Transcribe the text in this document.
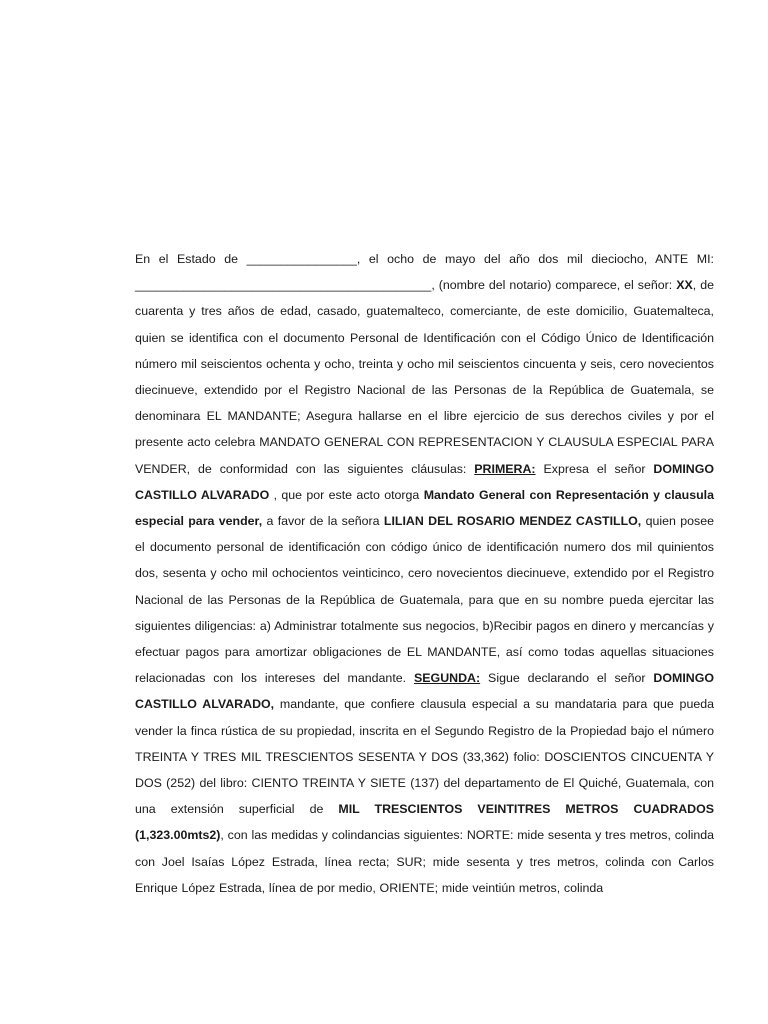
En el Estado de ________________, el ocho de mayo del año dos mil dieciocho, ANTE MI: ___________________________________________, (nombre del notario) comparece, el señor: XX, de cuarenta y tres años de edad, casado, guatemalteco, comerciante, de este domicilio, Guatemalteca, quien se identifica con el documento Personal de Identificación con el Código Único de Identificación número mil seiscientos ochenta y ocho, treinta y ocho mil seiscientos cincuenta y seis, cero novecientos diecinueve, extendido por el Registro Nacional de las Personas de la República de Guatemala, se denominara EL MANDANTE; Asegura hallarse en el libre ejercicio de sus derechos civiles y por el presente acto celebra MANDATO GENERAL CON REPRESENTACION Y CLAUSULA ESPECIAL PARA VENDER, de conformidad con las siguientes cláusulas: PRIMERA: Expresa el señor DOMINGO CASTILLO ALVARADO , que por este acto otorga Mandato General con Representación y clausula especial para vender, a favor de la señora LILIAN DEL ROSARIO MENDEZ CASTILLO, quien posee el documento personal de identificación con código único de identificación numero dos mil quinientos dos, sesenta y ocho mil ochocientos veinticinco, cero novecientos diecinueve, extendido por el Registro Nacional de las Personas de la República de Guatemala, para que en su nombre pueda ejercitar las siguientes diligencias: a) Administrar totalmente sus negocios, b)Recibir pagos en dinero y mercancías y efectuar pagos para amortizar obligaciones de EL MANDANTE, así como todas aquellas situaciones relacionadas con los intereses del mandante. SEGUNDA: Sigue declarando el señor DOMINGO CASTILLO ALVARADO, mandante, que confiere clausula especial a su mandataria para que pueda vender la finca rústica de su propiedad, inscrita en el Segundo Registro de la Propiedad bajo el número TREINTA Y TRES MIL TRESCIENTOS SESENTA Y DOS (33,362) folio: DOSCIENTOS CINCUENTA Y DOS (252) del libro: CIENTO TREINTA Y SIETE (137) del departamento de El Quiché, Guatemala, con una extensión superficial de MIL TRESCIENTOS VEINTITRES METROS CUADRADOS (1,323.00mts2), con las medidas y colindancias siguientes: NORTE: mide sesenta y tres metros, colinda con Joel Isaías López Estrada, línea recta; SUR; mide sesenta y tres metros, colinda con Carlos Enrique López Estrada, línea de por medio, ORIENTE; mide veintiún metros, colinda
